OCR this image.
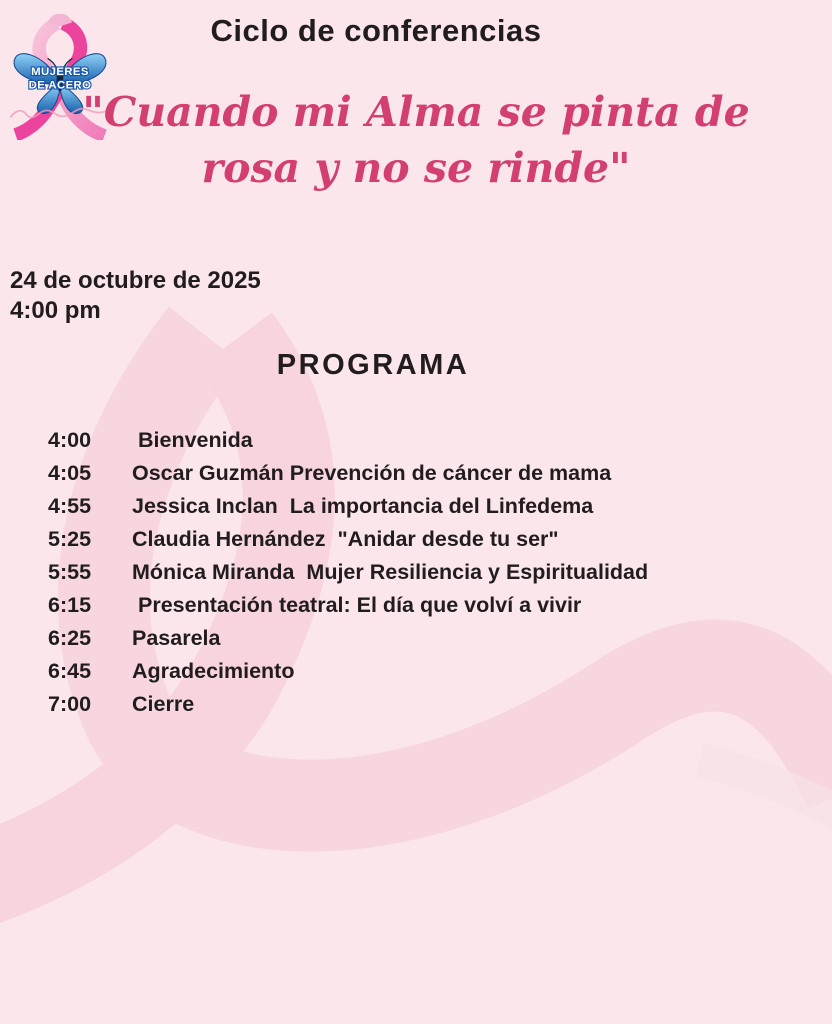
MUJERES
DE ACERO
Ciclo de conferencias
"Cuando mi Alma se pinta de
rosa y no se rinde"
24 de octubre de 2025
4:00 pm
PROGRAMA
4:00	Bienvenida
4:05	Oscar Guzmán Prevención de cáncer de mama
4:55	Jessica Inclan  La importancia del Linfedema
5:25	Claudia Hernández  "Anidar desde tu ser"
5:55	Mónica Miranda  Mujer Resiliencia y Espiritualidad
6:15	Presentación teatral: El día que volví a vivir
6:25	Pasarela
6:45	Agradecimiento
7:00	Cierre
